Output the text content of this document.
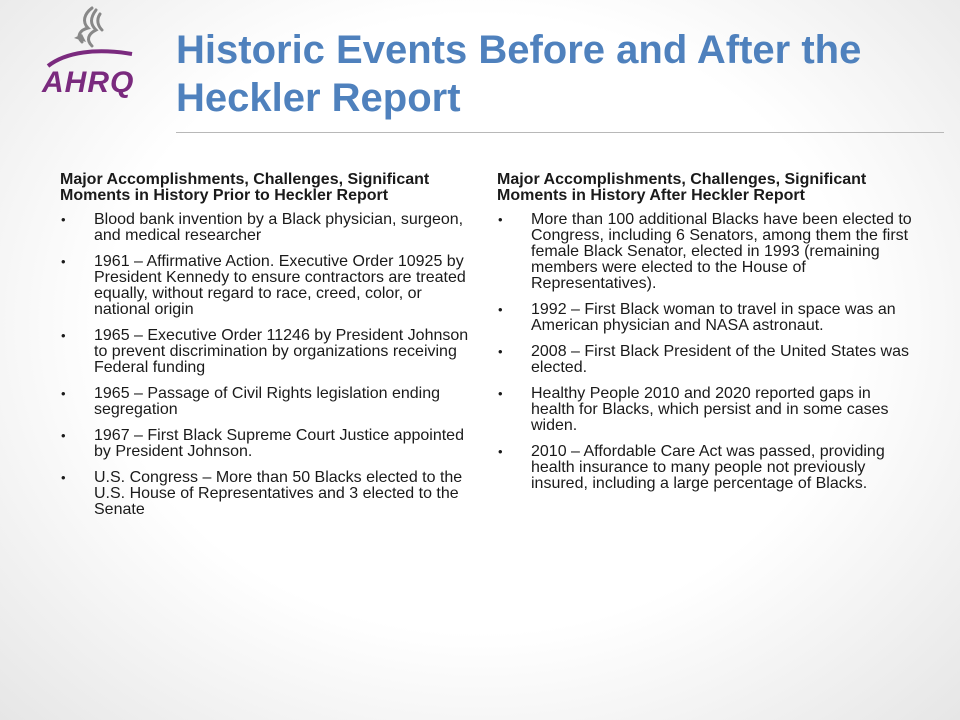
AHRQ
Historic Events Before and After the Heckler Report

Major Accomplishments, Challenges, Significant Moments in History Prior to Heckler Report

• Blood bank invention by a Black physician, surgeon, and medical researcher
• 1961 – Affirmative Action. Executive Order 10925 by President Kennedy to ensure contractors are treated equally, without regard to race, creed, color, or national origin
• 1965 – Executive Order 11246 by President Johnson to prevent discrimination by organizations receiving Federal funding
• 1965 – Passage of Civil Rights legislation ending segregation
• 1967 – First Black Supreme Court Justice appointed by President Johnson.
• U.S. Congress – More than 50 Blacks elected to the U.S. House of Representatives and 3 elected to the Senate

Major Accomplishments, Challenges, Significant Moments in History After Heckler Report

• More than 100 additional Blacks have been elected to Congress, including 6 Senators, among them the first female Black Senator, elected in 1993 (remaining members were elected to the House of Representatives).
• 1992 – First Black woman to travel in space was an American physician and NASA astronaut.
• 2008 – First Black President of the United States was elected.
• Healthy People 2010 and 2020 reported gaps in health for Blacks, which persist and in some cases widen.
• 2010 – Affordable Care Act was passed, providing health insurance to many people not previously insured, including a large percentage of Blacks.
